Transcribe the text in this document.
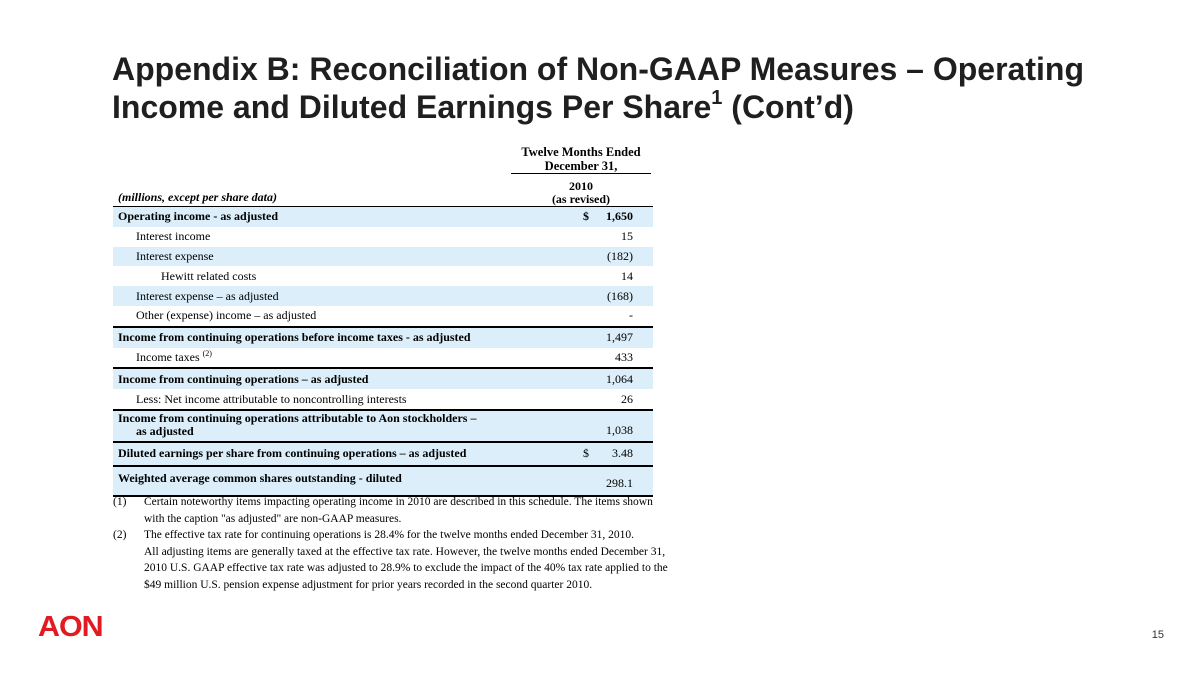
Appendix B: Reconciliation of Non-GAAP Measures – Operating Income and Diluted Earnings Per Share$^1$ (Cont’d)
Twelve Months Ended
December 31,
(millions, except per share data)
2010
(as revised)
Operating income - as adjusted	$ 1,650
Interest income	15
Interest expense	(182)
Hewitt related costs	14
Interest expense – as adjusted	(168)
Other (expense) income – as adjusted	-
Income from continuing operations before income taxes - as adjusted	1,497
Income taxes $^{(2)}$	433
Income from continuing operations – as adjusted	1,064
Less: Net income attributable to noncontrolling interests	26
Income from continuing operations attributable to Aon stockholders –
as adjusted	1,038
Diluted earnings per share from continuing operations – as adjusted	$ 3.48
Weighted average common shares outstanding - diluted	298.1
(1) Certain noteworthy items impacting operating income in 2010 are described in this schedule. The items shown
with the caption "as adjusted" are non-GAAP measures.
(2) The effective tax rate for continuing operations is 28.4% for the twelve months ended December 31, 2010.
All adjusting items are generally taxed at the effective tax rate. However, the twelve months ended December 31,
2010 U.S. GAAP effective tax rate was adjusted to 28.9% to exclude the impact of the 40% tax rate applied to the
$49 million U.S. pension expense adjustment for prior years recorded in the second quarter 2010.
AON	15
